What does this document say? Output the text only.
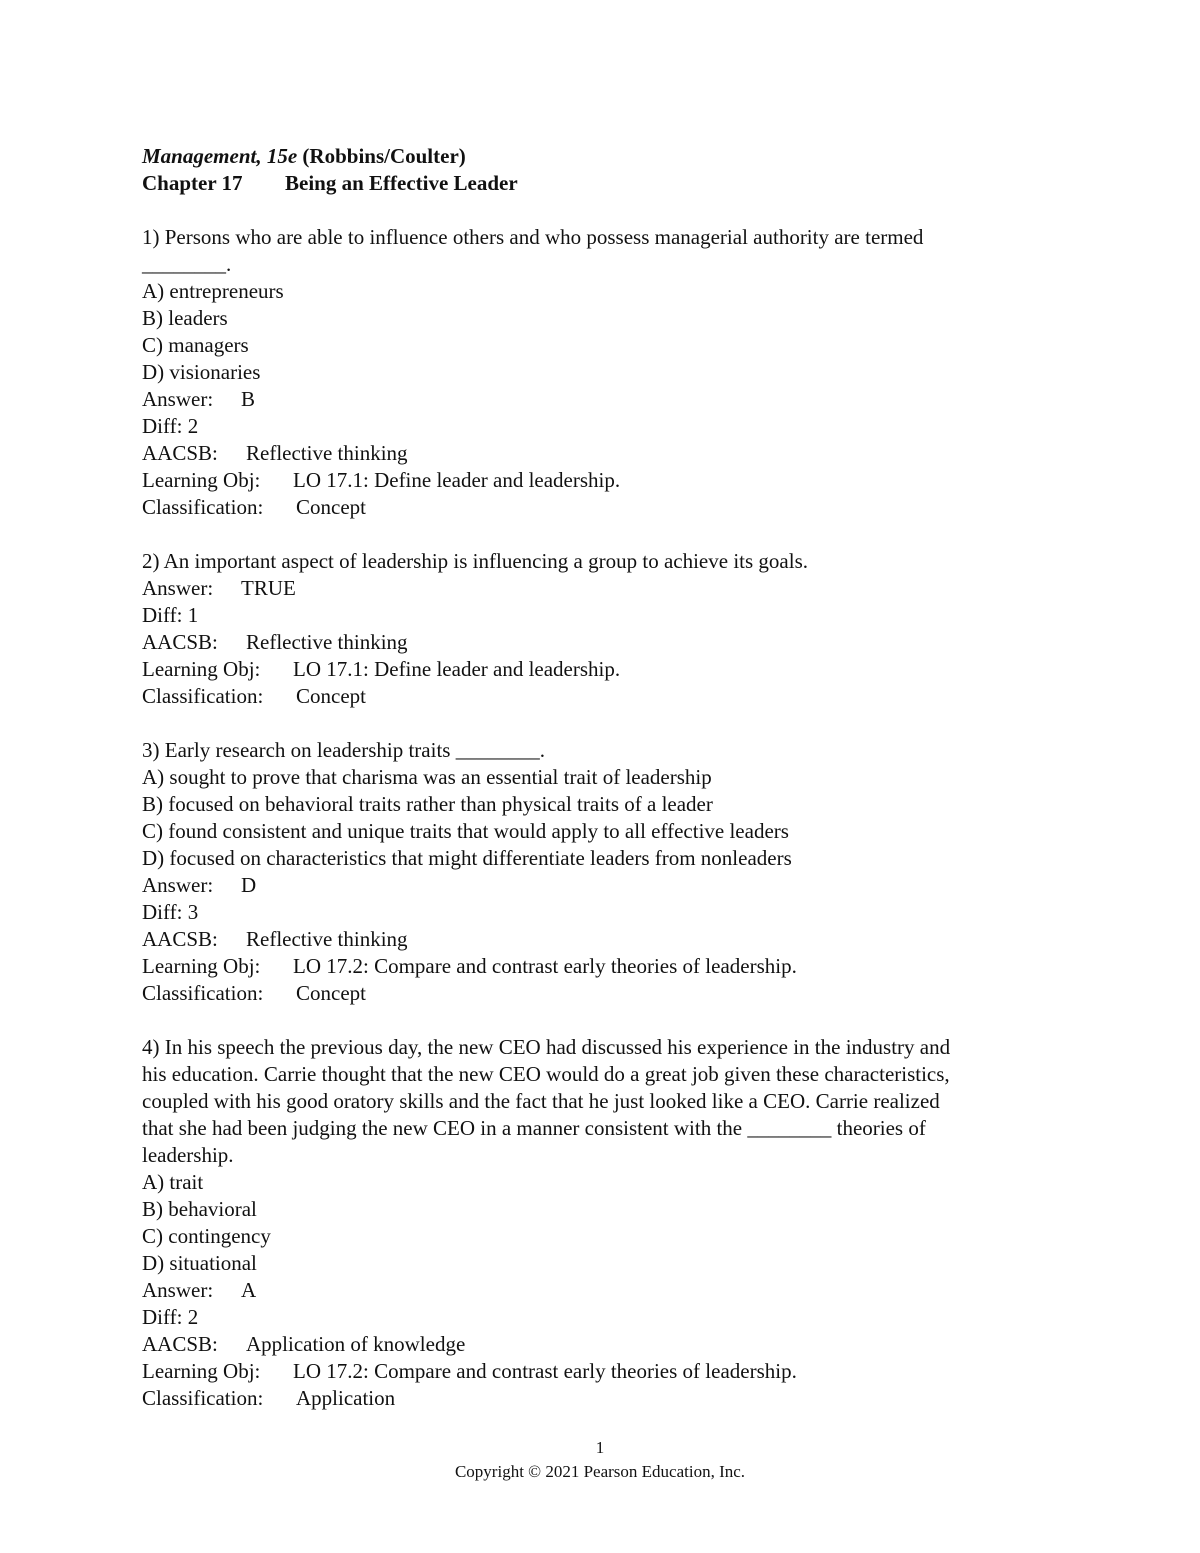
Management, 15e (Robbins/Coulter)

Chapter 17 Being an Effective Leader

1) Persons who are able to influence others and who possess managerial authority are termed

________.

A) entrepreneurs

B) leaders

C) managers

D) visionaries

Answer: B

Diff: 2

AACSB: Reflective thinking

Learning Obj: LO 17.1: Define leader and leadership.

Classification: Concept

2) An important aspect of leadership is influencing a group to achieve its goals.

Answer: TRUE

Diff: 1

AACSB: Reflective thinking

Learning Obj: LO 17.1: Define leader and leadership.

Classification: Concept

3) Early research on leadership traits ________.

A) sought to prove that charisma was an essential trait of leadership

B) focused on behavioral traits rather than physical traits of a leader

C) found consistent and unique traits that would apply to all effective leaders

D) focused on characteristics that might differentiate leaders from nonleaders

Answer: D

Diff: 3

AACSB: Reflective thinking

Learning Obj: LO 17.2: Compare and contrast early theories of leadership.

Classification: Concept

4) In his speech the previous day, the new CEO had discussed his experience in the industry and

his education. Carrie thought that the new CEO would do a great job given these characteristics,

coupled with his good oratory skills and the fact that he just looked like a CEO. Carrie realized

that she had been judging the new CEO in a manner consistent with the ________ theories of

leadership.

A) trait

B) behavioral

C) contingency

D) situational

Answer: A

Diff: 2

AACSB: Application of knowledge

Learning Obj: LO 17.2: Compare and contrast early theories of leadership.

Classification: Application

1
Copyright © 2021 Pearson Education, Inc.
